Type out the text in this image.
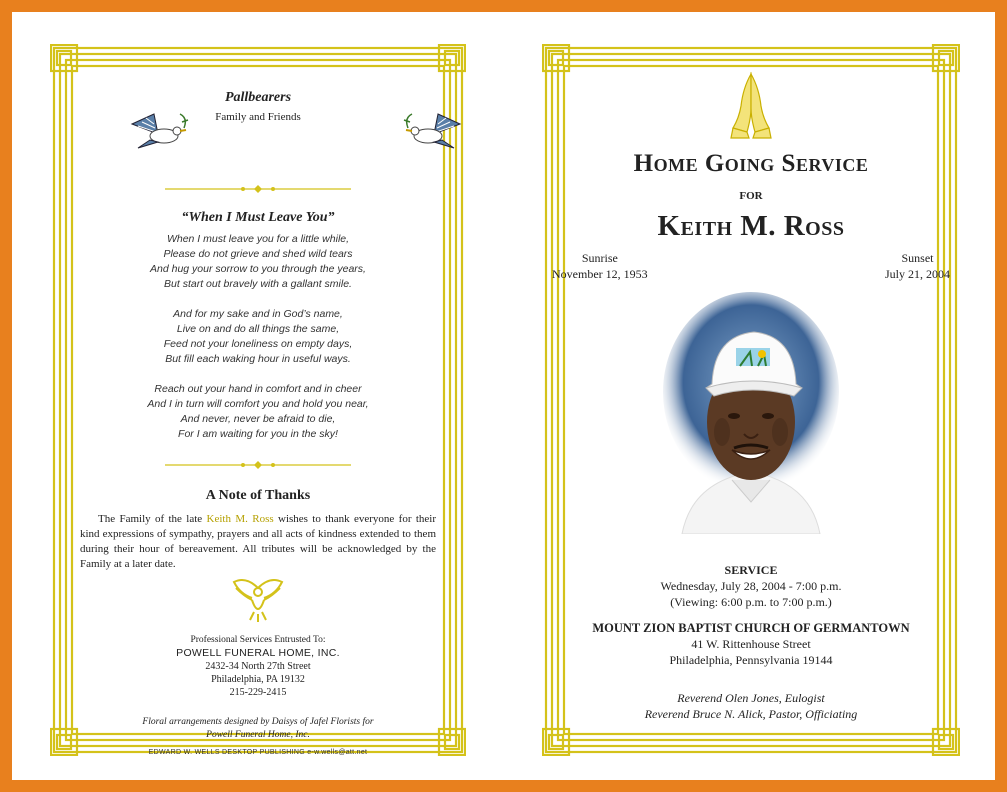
Pallbearers
Family and Friends
“When I Must Leave You”
When I must leave you for a little while,
Please do not grieve and shed wild tears
And hug your sorrow to you through the years,
But start out bravely with a gallant smile.
And for my sake and in God’s name,
Live on and do all things the same,
Feed not your loneliness on empty days,
But fill each waking hour in useful ways.
Reach out your hand in comfort and in cheer
And I in turn will comfort you and hold you near,
And never, never be afraid to die,
For I am waiting for you in the sky!
A Note of Thanks
The Family of the late Keith M. Ross wishes to thank everyone for their kind expressions of sympathy, prayers and all acts of kindness extended to them during their hour of bereavement. All tributes will be acknowledged by the Family at a later date.
Professional Services Entrusted To:
POWELL FUNERAL HOME, INC.
2432-34 North 27th Street
Philadelphia, PA 19132
215-229-2415
Floral arrangements designed by Daisys of Jafel Florists for
Powell Funeral Home, Inc.
EDWARD W. WELLS DESKTOP PUBLISHING e-w.wells@att.net
Home Going Service
for
Keith M. Ross
Sunrise
November 12, 1953
Sunset
July 21, 2004
SERVICE
Wednesday, July 28, 2004 - 7:00 p.m.
(Viewing: 6:00 p.m. to 7:00 p.m.)
MOUNT ZION BAPTIST CHURCH OF GERMANTOWN
41 W. Rittenhouse Street
Philadelphia, Pennsylvania 19144
Reverend Olen Jones, Eulogist
Reverend Bruce N. Alick, Pastor, Officiating
